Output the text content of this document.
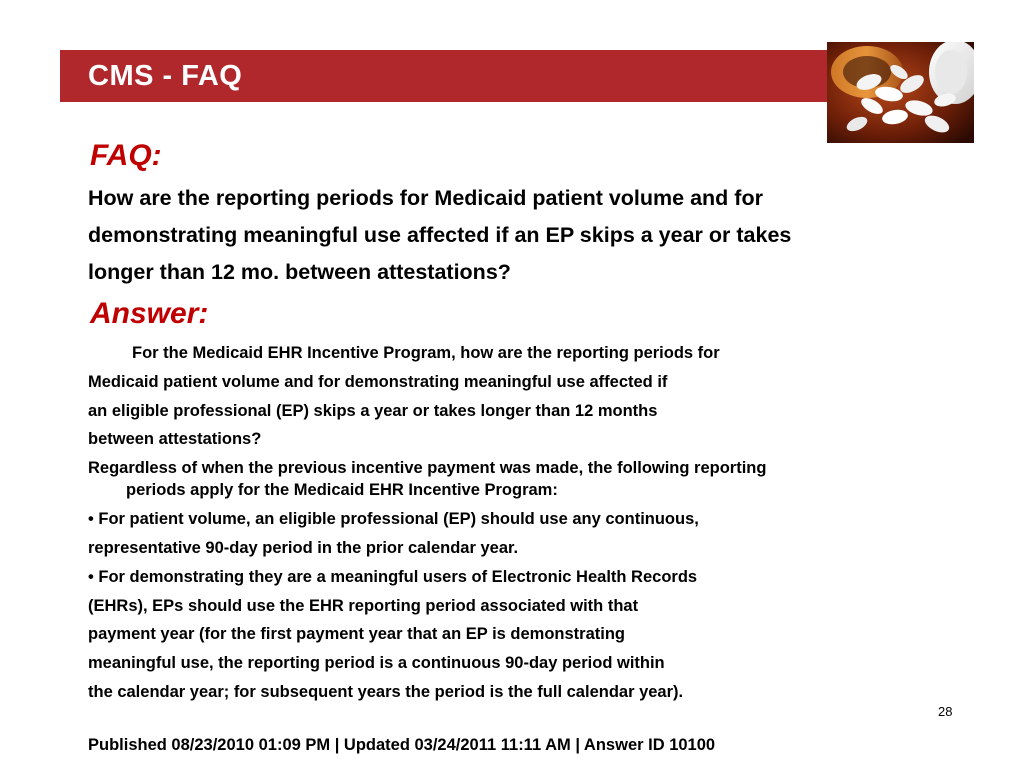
CMS - FAQ
FAQ:
How are the reporting periods for Medicaid patient volume and for
demonstrating meaningful use affected if an EP skips a year or takes
longer than 12 mo. between attestations?
Answer:
For the Medicaid EHR Incentive Program, how are the reporting periods for
Medicaid patient volume and for demonstrating meaningful use affected if
an eligible professional (EP) skips a year or takes longer than 12 months
between attestations?
Regardless of when the previous incentive payment was made, the following reporting
periods apply for the Medicaid EHR Incentive Program:
• For patient volume, an eligible professional (EP) should use any continuous,
representative 90-day period in the prior calendar year.
• For demonstrating they are a meaningful users of Electronic Health Records
(EHRs), EPs should use the EHR reporting period associated with that
payment year (for the first payment year that an EP is demonstrating
meaningful use, the reporting period is a continuous 90-day period within
the calendar year; for subsequent years the period is the full calendar year).
28
Published 08/23/2010 01:09 PM | Updated 03/24/2011 11:11 AM | Answer ID 10100
